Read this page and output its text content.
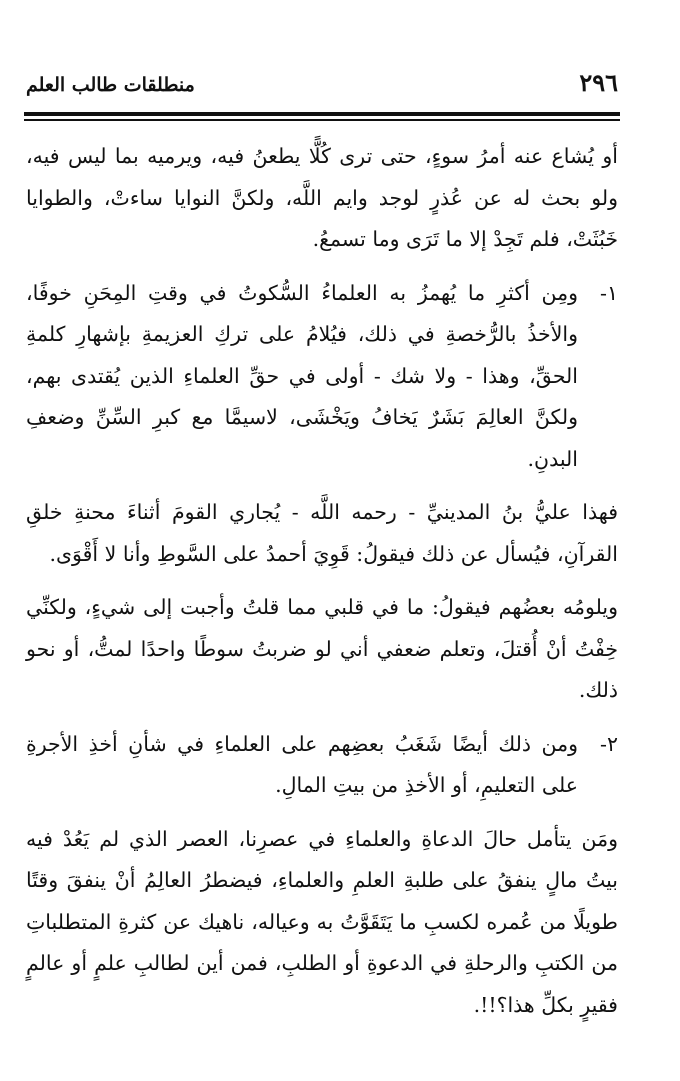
٢٩٦
منطلقات طالب العلم

أو يُشاع عنه أمرُ سوءٍ، حتى ترى كُلًّا يطعنُ فيه، ويرميه بما ليس فيه، ولو بحث له عن عُذرٍ لوجد وايم اللَّه، ولكنَّ النوايا ساءتْ، والطوايا خَبُثَتْ، فلم تَجِدْ إلا ما تَرَى وما تسمعُ.

١-
ومِن أكثرِ ما يُهمزُ به العلماءُ السُّكوتُ في وقتِ المِحَنِ خوفًا، والأخذُ بالرُّخصةِ في ذلك، فيُلامُ على تركِ العزيمةِ بإشهارِ كلمةِ الحقِّ، وهذا - ولا شك - أولى في حقِّ العلماءِ الذين يُقتدى بهم، ولكنَّ العالِمَ بَشَرٌ يَخافُ ويَخْشَى، لاسيمَّا مع كبرِ السِّنِّ وضعفِ البدنِ.

فهذا عليُّ بنُ المدينيِّ - رحمه اللَّه - يُجاري القومَ أثناءَ محنةِ خلقِ القرآنِ، فيُسأل عن ذلك فيقولُ: قَوِيَ أحمدُ على السَّوطِ وأنا لا أَقْوَى.

ويلومُه بعضُهم فيقولُ: ما في قلبي مما قلتُ وأجبت إلى شيءٍ، ولكنِّي خِفْتُ أنْ أُقتلَ، وتعلم ضعفي أني لو ضربتُ سوطًا واحدًا لمتُّ، أو نحو ذلك.

٢-
ومن ذلك أيضًا شَغَبُ بعضِهم على العلماءِ في شأنِ أخذِ الأجرةِ على التعليمِ، أو الأخذِ من بيتِ المالِ.

ومَن يتأمل حالَ الدعاةِ والعلماءِ في عصرِنا، العصر الذي لم يَعُدْ فيه بيتُ مالٍ ينفقُ على طلبةِ العلمِ والعلماءِ، فيضطرُ العالِمُ أنْ ينفقَ وقتًا طويلًا من عُمره لكسبِ ما يَتَقَوَّتُ به وعياله، ناهيك عن كثرةِ المتطلباتِ من الكتبِ والرحلةِ في الدعوةِ أو الطلبِ، فمن أين لطالبِ علمٍ أو عالمٍ فقيرٍ بكلِّ هذا؟!!.
